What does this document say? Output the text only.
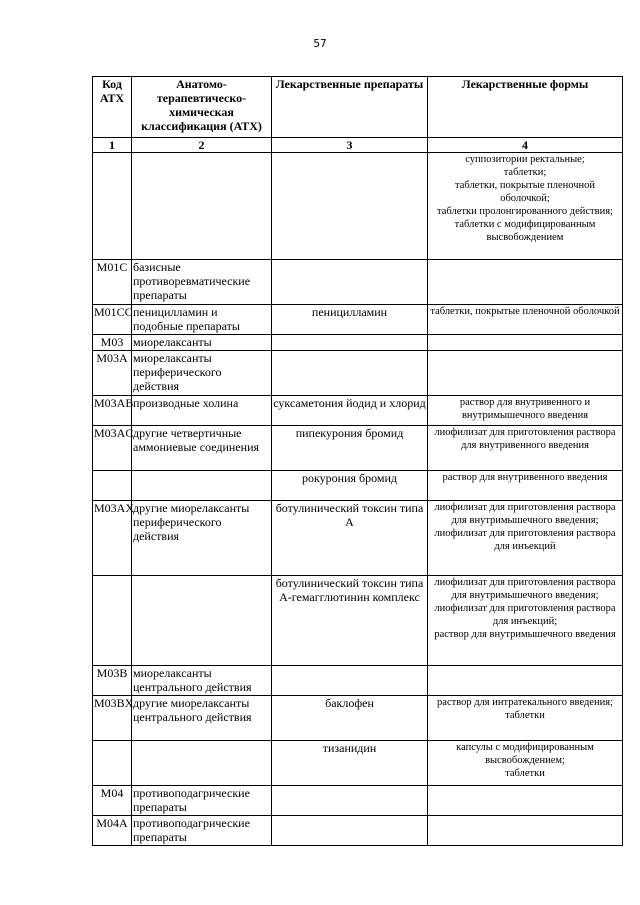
57
Код АТХ	Анатомо-терапевтическо-химическая классификация (АТХ)	Лекарственные препараты	Лекарственные формы
1	2	3	4

			суппозитории ректальные;
таблетки;
таблетки, покрытые пленочной оболочкой;
таблетки пролонгированного действия;
таблетки с модифицированным высвобождением

M01C	базисные противоревматические препараты		
M01CC	пеницилламин и подобные препараты	пеницилламин	таблетки, покрытые пленочной оболочкой

M03	миорелаксанты		
M03A	миорелаксанты периферического действия		
M03AB	производные холина	суксаметония йодид и хлорид	раствор для внутривенного и внутримышечного введения

M03AC	другие четвертичные аммониевые соединения	пипекурония бромид	лиофилизат для приготовления раствора для внутривенного введения

		рокурония бромид	раствор для внутривенного введения

M03AX	другие миорелаксанты периферического действия	ботулинический токсин типа A	лиофилизат для приготовления раствора для внутримышечного введения;
лиофилизат для приготовления раствора для инъекций

		ботулинический токсин типа A-гемагглютинин комплекс	лиофилизат для приготовления раствора для внутримышечного введения;
лиофилизат для приготовления раствора для инъекций;
раствор для внутримышечного введения

M03B	миорелаксанты центрального действия		
M03BX	другие миорелаксанты центрального действия	баклофен	раствор для интратекального введения;
таблетки

		тизанидин	капсулы с модифицированным высвобождением;
таблетки

M04	противоподагрические препараты		
M04A	противоподагрические препараты		
